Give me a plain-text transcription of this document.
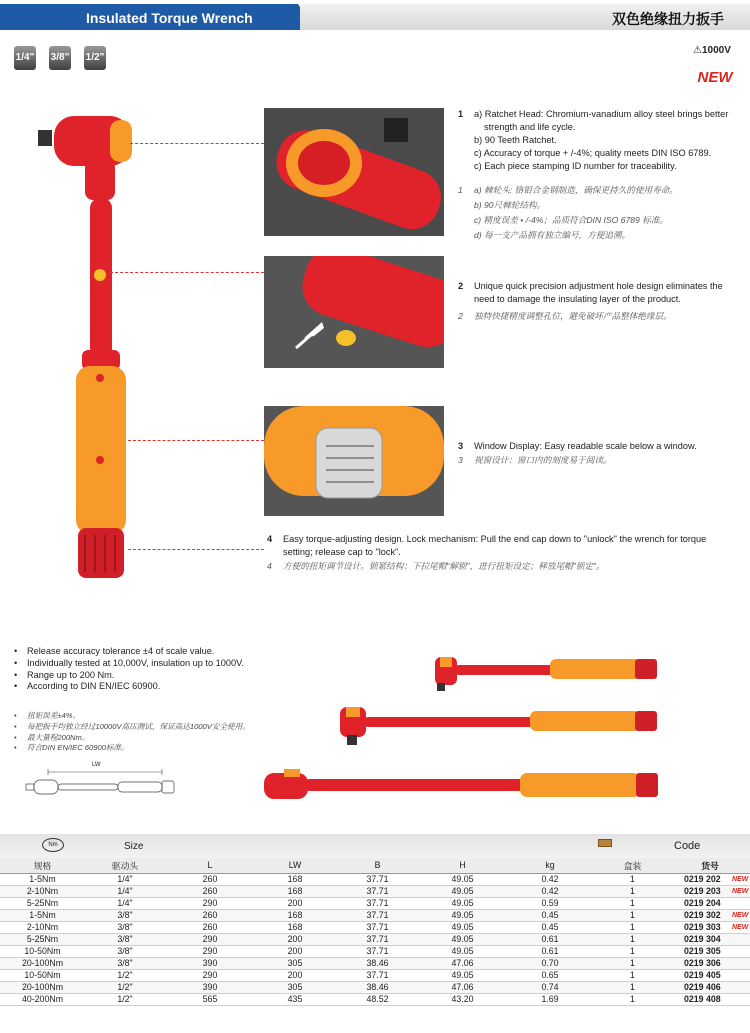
Insulated Torque Wrench	双色绝缘扭力扳手
1/4" 3/8" 1/2"
⚠1000V
NEW
1 a) Ratchet Head: Chromium-vanadium alloy steel brings better
strength and life cycle.
b) 90 Teeth Ratchet.
c) Accuracy of torque + /-4%; quality meets DIN ISO 6789.
c) Each piece stamping ID number for traceability.
1 a) 棘轮头: 铬钼合金钢制造，确保更持久的使用寿命。
b) 90尺棘轮结构。
c) 精度误差 • /-4%；品质符合DIN ISO 6789 标准。
d) 每一支产品拥有独立编号，方便追溯。
2 Unique quick precision adjustment hole design eliminates the
need to damage the insulating layer of the product.
2 独特快捷精度调整孔位，避免破坏产品整体绝缘层。
3 Window Display: Easy readable scale below a window.
3 视窗设计：窗口内的刻度易于阅读。
4 Easy torque-adjusting design. Lock mechanism: Pull the end cap down to "unlock" the wrench for torque
setting; release cap to "lock".
4 方便的扭矩调节设计。锁紧结构：下拉尾帽"解锁"，进行扭矩设定；释放尾帽"锁定"。
• Release accuracy tolerance ±4 of scale value.
• Individually tested at 10,000V, insulation up to 1000V.
• Range up to 200 Nm.
• According to DIN EN/IEC 60900.
• 扭矩误差±4%。
• 每把扳手均独立经过10000V高压测试，保证高达1000V安全使用。
• 最大量程200Nm。
• 符合DIN EN/IEC 60900标准。
LW
Nm	Size	Code
规格	驱动头	L	LW	B	H	kg	盒装	货号
1-5Nm	1/4"	260	168	37.71	49.05	0.42	1	0219 202 NEW

2-10Nm	1/4"	260	168	37.71	49.05	0.42	1	0219 203 NEW

5-25Nm	1/4"	290	200	37.71	49.05	0.59	1	0219 204
1-5Nm	3/8"	260	168	37.71	49.05	0.45	1	0219 302 NEW

2-10Nm	3/8"	260	168	37.71	49.05	0.45	1	0219 303 NEW

5-25Nm	3/8"	290	200	37.71	49.05	0.61	1	0219 304
10-50Nm	3/8"	290	200	37.71	49.05	0.61	1	0219 305
20-100Nm	3/8"	390	305	38.46	47.06	0.70	1	0219 306
10-50Nm	1/2"	290	200	37.71	49.05	0.65	1	0219 405
20-100Nm	1/2"	390	305	38.46	47.06	0.74	1	0219 406
40-200Nm	1/2"	565	435	48.52	43.20	1.69	1	0219 408
